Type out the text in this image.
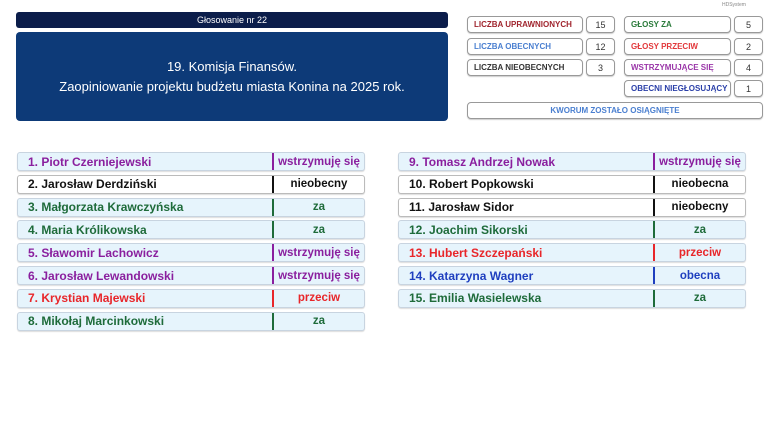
HDSystem
Głosowanie nr 22
19. Komisja Finansów.
Zaopiniowanie projektu budżetu miasta Konina na 2025 rok.
LICZBA UPRAWNIONYCH	15
LICZBA OBECNYCH	12
LICZBA NIEOBECNYCH	3
GŁOSY ZA	5
GŁOSY PRZECIW	2
WSTRZYMUJĄCE SIĘ	4
OBECNI NIEGŁOSUJĄCY	1
KWORUM ZOSTAŁO OSIĄGNIĘTE
1. Piotr Czerniejewski	wstrzymuję się
2. Jarosław Derdziński	nieobecny
3. Małgorzata Krawczyńska	za
4. Maria Królikowska	za
5. Sławomir Lachowicz	wstrzymuję się
6. Jarosław Lewandowski	wstrzymuję się
7. Krystian Majewski	przeciw
8. Mikołaj Marcinkowski	za
9. Tomasz Andrzej Nowak	wstrzymuję się
10. Robert Popkowski	nieobecna
11. Jarosław Sidor	nieobecny
12. Joachim Sikorski	za
13. Hubert Szczepański	przeciw
14. Katarzyna Wagner	obecna
15. Emilia Wasielewska	za
